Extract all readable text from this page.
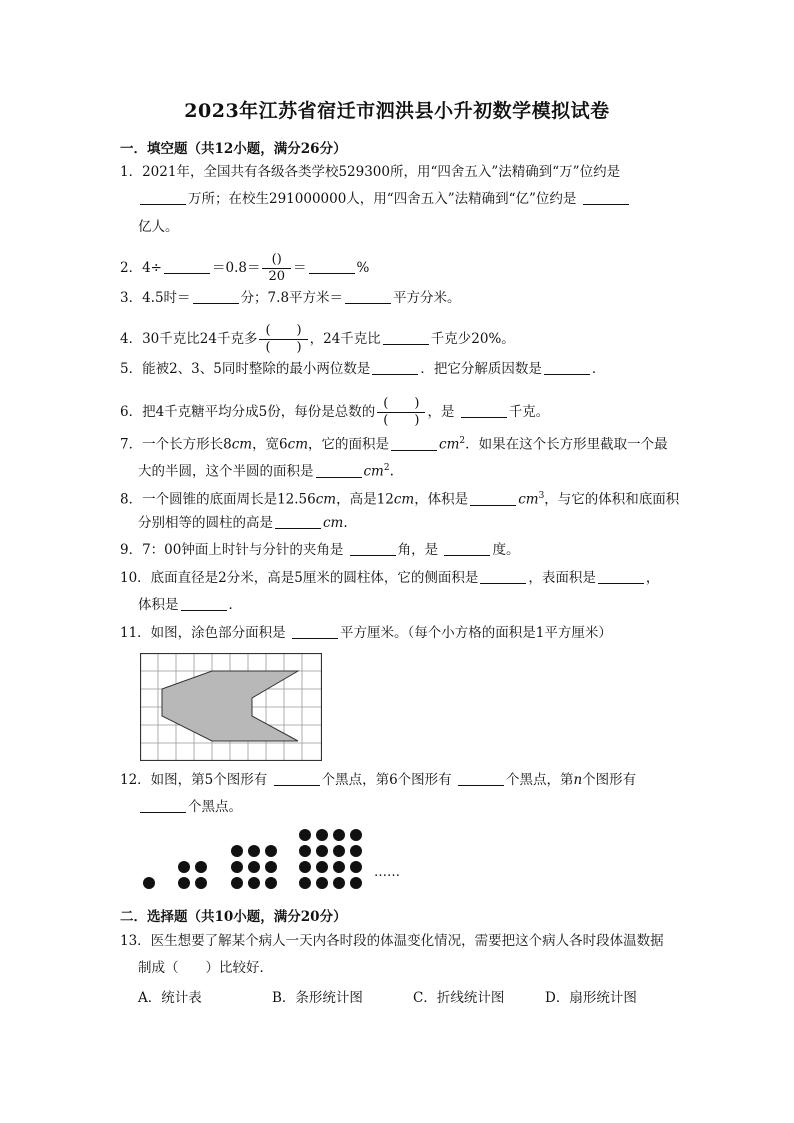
2023年江苏省宿迁市泗洪县小升初数学模拟试卷
一．填空题（共12小题，满分26分）
1．2021年，全国共有各级各类学校529300所，用“四舍五入”法精确到“万”位约是
万所；在校生291000000人，用“四舍五入”法精确到“亿”位约是
亿人。
2．4÷	$=0.8= \frac{()}{20}$ ＝	%
3．4.5时＝	分；7.8平方米＝	平方分米。
4．30千克比24千克多 $\frac{( )}{( )}$ ，24千克比	千克少20%。
5．能被2、3、5同时整除的最小两位数是	．把它分解质因数是	．
6．把4千克糖平均分成5份，每份是总数的 $\frac{( )}{( )}$ ，是	千克。
7．一个长方形长8cm，宽6cm，它的面积是	$cm^2$．如果在这个长方形里截取一个最
大的半圆，这个半圆的面积是	$cm^2$.
8．一个圆锥的底面周长是12.56cm，高是12cm，体积是	$cm^3$，与它的体积和底面积
分别相等的圆柱的高是	cm.
9．7：00钟面上时针与分针的夹角是	角，是	度。
10．底面直径是2分米，高是5厘米的圆柱体，它的侧面积是	，表面积是	，
体积是	．
11．如图，涂色部分面积是	平方厘米。（每个小方格的面积是1平方厘米）
12．如图，第5个图形有	个黑点，第6个图形有	个黑点，第n个图形有
个黑点。
……
二．选择题（共10小题，满分20分）
13．医生想要了解某个病人一天内各时段的体温变化情况，需要把这个病人各时段体温数据
制成（　　）比较好．
A．统计表	B．条形统计图	C．折线统计图	D．扇形统计图
